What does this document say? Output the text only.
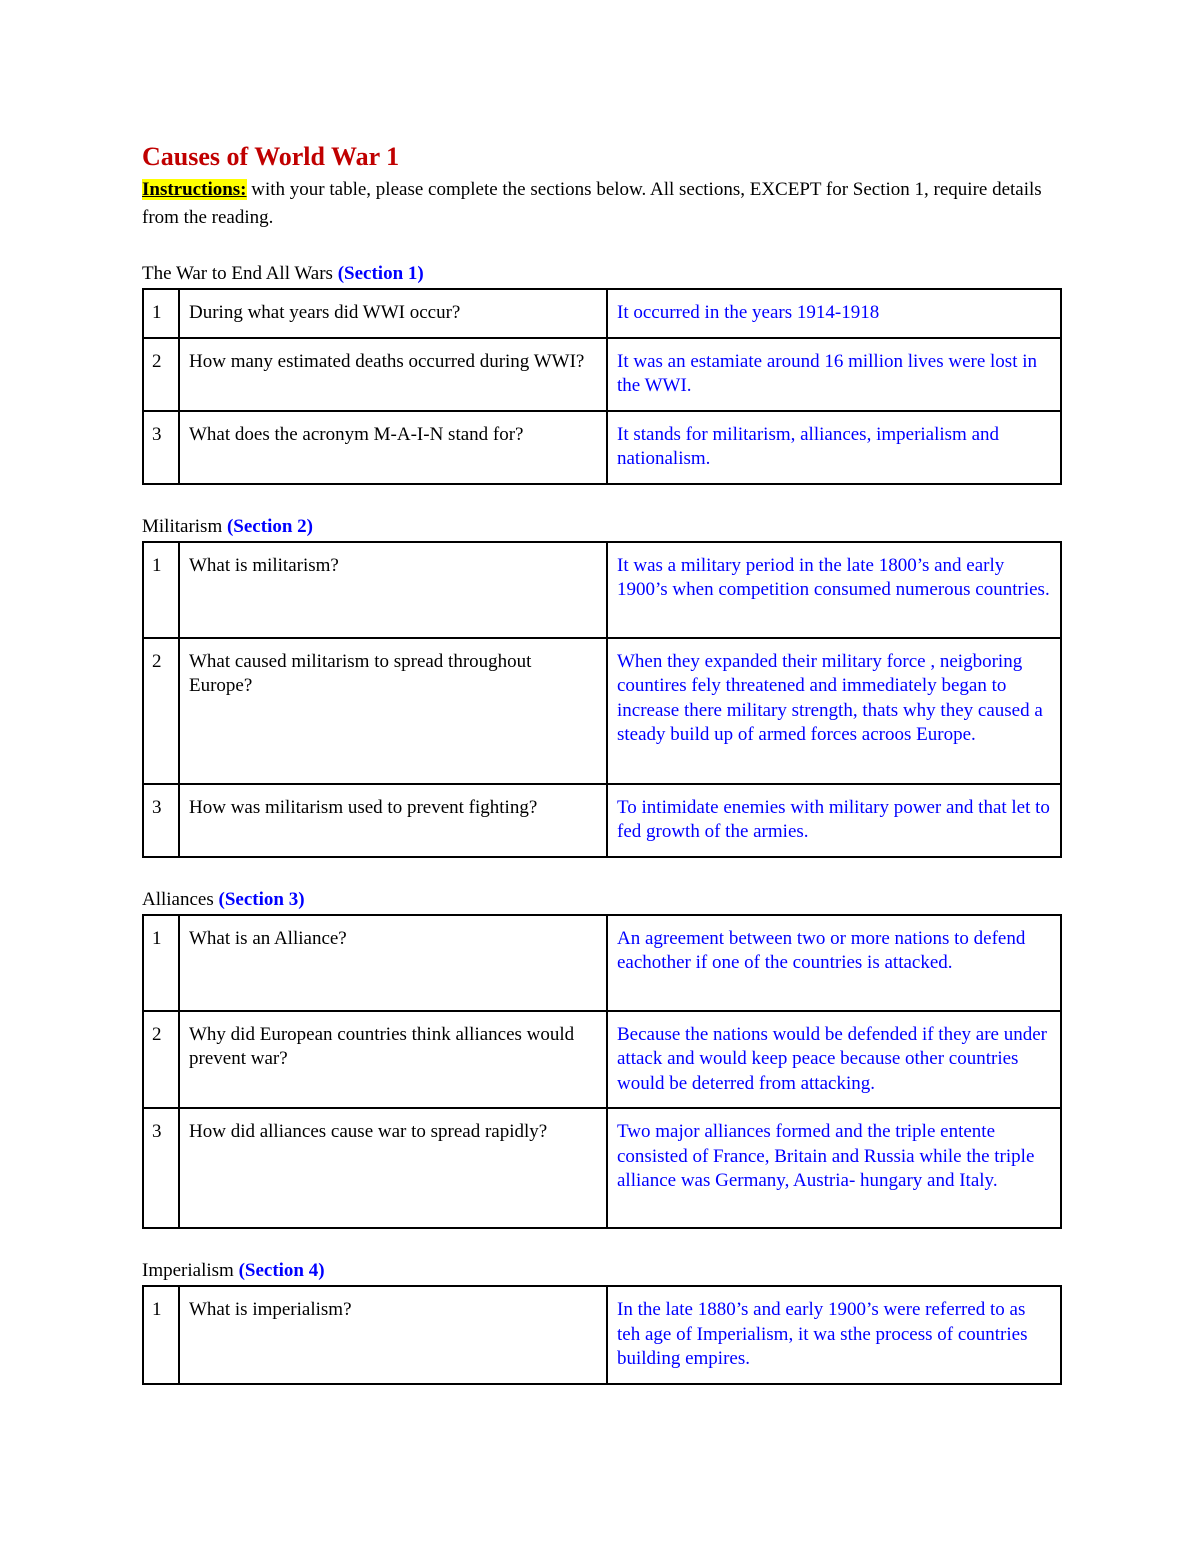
Causes of World War 1

Instructions: with your table, please complete the sections below. All sections, EXCEPT for Section 1, require details from the reading.

The War to End All Wars (Section 1)

1	During what years did WWI occur?	It occurred in the years 1914-1918
2	How many estimated deaths occurred during WWI?	It was an estamiate around 16 million lives were lost in the WWI.
3	What does the acronym M-A-I-N stand for?	It stands for militarism, alliances, imperialism and nationalism.

Militarism (Section 2)

1	What is militarism?	It was a military period in the late 1800’s and early 1900’s when competition consumed numerous countries.
2	What caused militarism to spread throughout Europe?	When they expanded their military force , neigboring countires fely threatened and immediately began to increase there military strength, thats why they caused a steady build up of armed forces acroos Europe.
3	How was militarism used to prevent fighting?	To intimidate enemies with military power and that let to fed growth of the armies.

Alliances (Section 3)

1	What is an Alliance?	An agreement between two or more nations to defend eachother if one of the countries is attacked.
2	Why did European countries think alliances would prevent war?	Because the nations would be defended if they are under attack and would keep peace because other countries would be deterred from attacking.
3	How did alliances cause war to spread rapidly?	Two major alliances formed and the triple entente consisted of France, Britain and Russia while the triple alliance was Germany, Austria- hungary and Italy.

Imperialism (Section 4)

1	What is imperialism?	In the late 1880’s and early 1900’s were referred to as teh age of Imperialism, it wa sthe process of countries building empires.
